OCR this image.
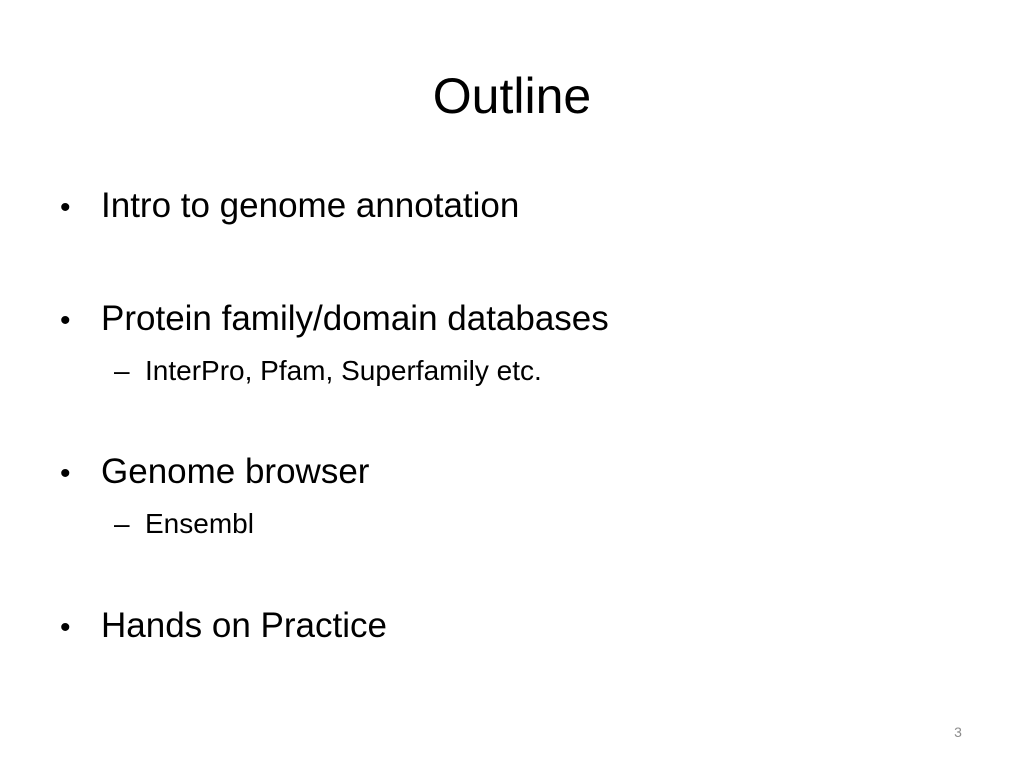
Outline
• Intro to genome annotation
• Protein family/domain databases
– InterPro, Pfam, Superfamily etc.
• Genome browser
– Ensembl
• Hands on Practice
3
